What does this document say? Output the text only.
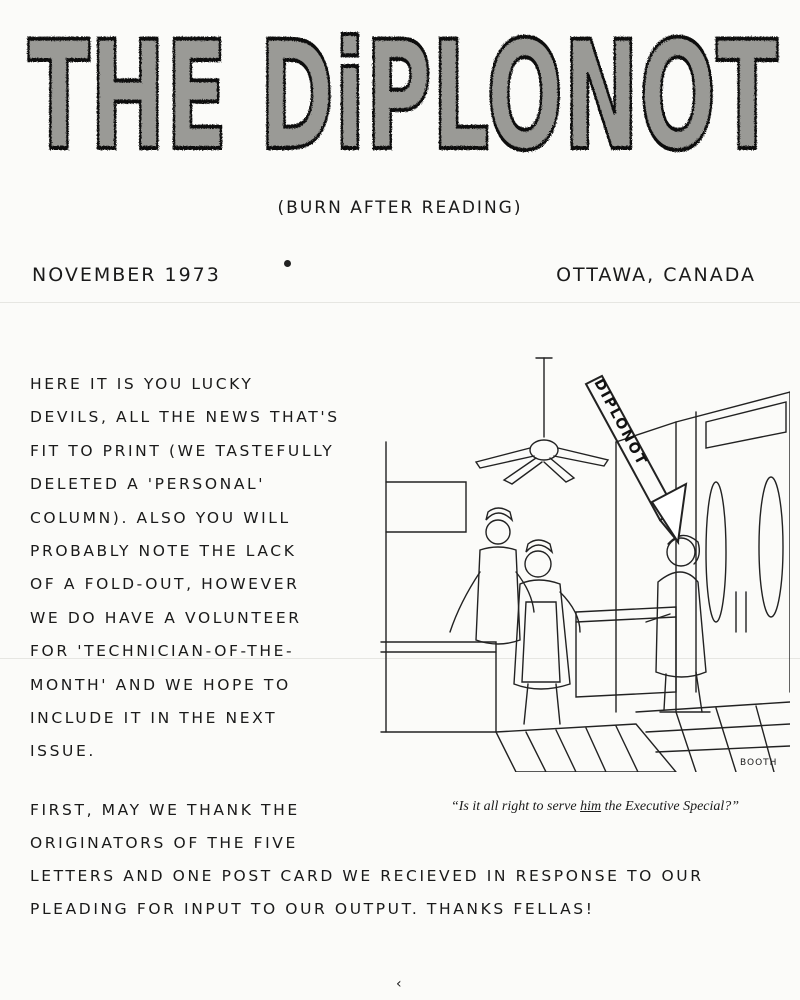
THE DiPLONOT
(BURN AFTER READING)
NOVEMBER 1973	OTTAWA, CANADA
HERE IT IS YOU LUCKY
DEVILS, ALL THE NEWS THAT'S
FIT TO PRINT (WE TASTEFULLY
DELETED A 'PERSONAL'
COLUMN). ALSO YOU WILL
PROBABLY NOTE THE LACK
OF A FOLD-OUT, HOWEVER
WE DO HAVE A VOLUNTEER
FOR 'TECHNICIAN-OF-THE-
MONTH' AND WE HOPE TO
INCLUDE IT IN THE NEXT
ISSUE.
DIPLONOT
BOOTH
“Is it all right to serve him the Executive Special?”
FIRST, MAY WE THANK THE
ORIGINATORS OF THE FIVE
LETTERS AND ONE POST CARD WE RECIEVED IN RESPONSE TO OUR
PLEADING FOR INPUT TO OUR OUTPUT. THANKS FELLAS!
‹
